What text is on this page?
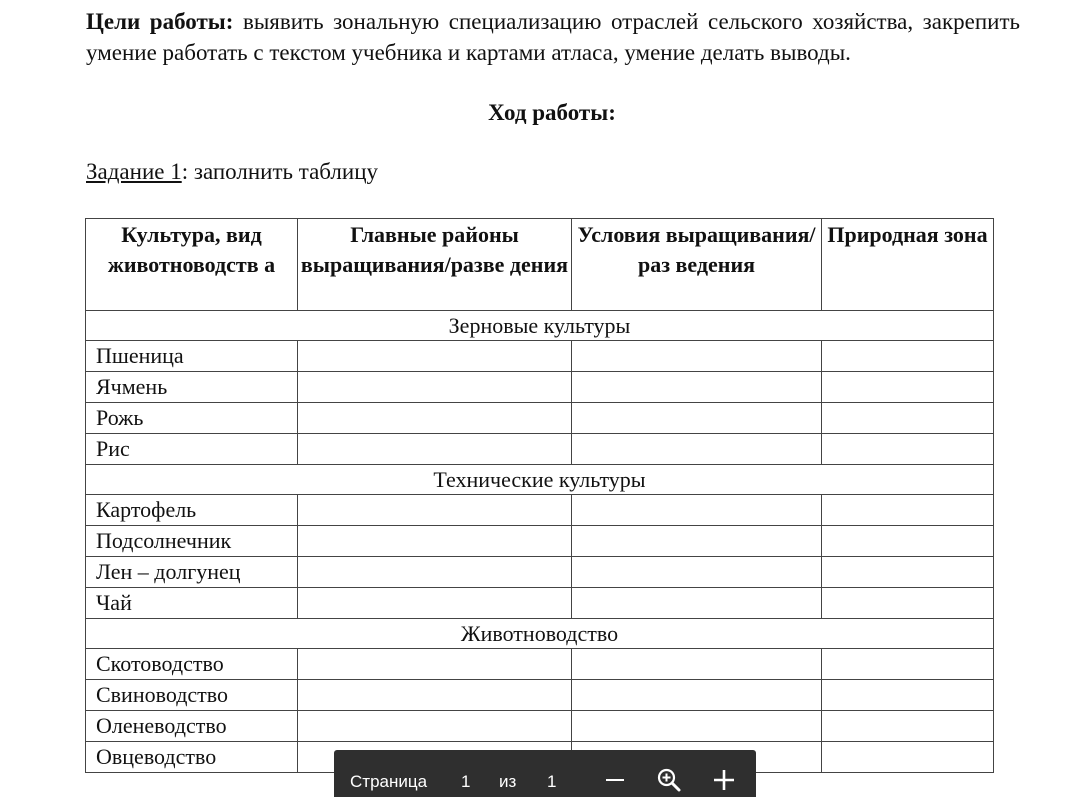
Цели работы: выявить зональную специализацию отраслей сельского хозяйства, закрепить умение работать с текстом учебника и картами атласа, умение делать выводы.
Ход работы:
Задание 1: заполнить таблицу
Культура, вид животноводств а	Главные районы выращивания/разве дения	Условия выращивания/раз ведения	Природная зона
Зерновые культуры			
Пшеница			
Ячмень			
Рожь			
Рис			
Технические культуры			
Картофель			
Подсолнечник			
Лен – долгунец			
Чай			
Животноводство			
Скотоводство			
Свиноводство			
Оленеводство			
Овцеводство			
Страница 1 из 1
